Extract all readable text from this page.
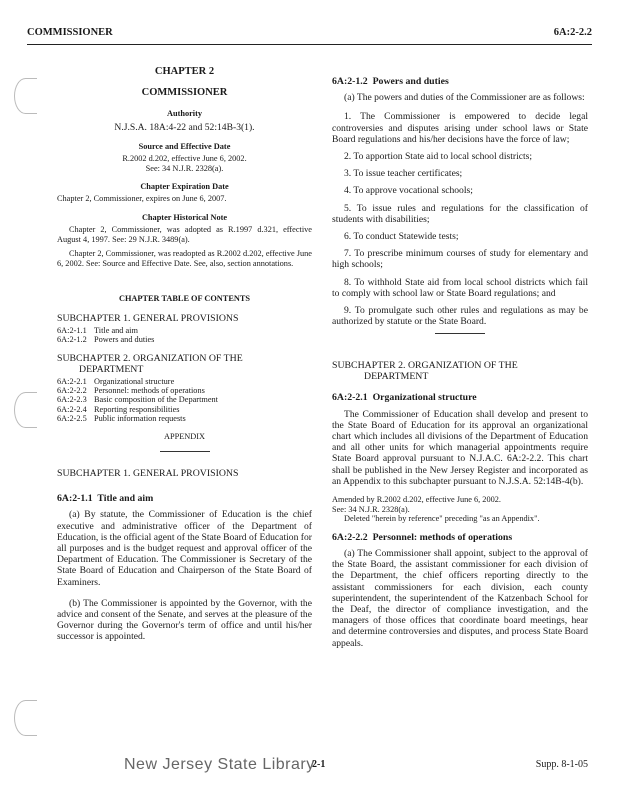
COMMISSIONER	6A:2-2.2

CHAPTER 2

COMMISSIONER

Authority

N.J.S.A. 18A:4-22 and 52:14B-3(1).

Source and Effective Date

R.2002 d.202, effective June 6, 2002.

See: 34 N.J.R. 2328(a).

Chapter Expiration Date

Chapter 2, Commissioner, expires on June 6, 2007.

Chapter Historical Note

Chapter 2, Commissioner, was adopted as R.1997 d.321, effective August 4, 1997. See: 29 N.J.R. 3489(a).

Chapter 2, Commissioner, was readopted as R.2002 d.202, effective June 6, 2002. See: Source and Effective Date. See, also, section annotations.

CHAPTER TABLE OF CONTENTS

SUBCHAPTER 1. GENERAL PROVISIONS

6A:2-1.1 Title and aim
6A:2-1.2 Powers and duties

SUBCHAPTER 2. ORGANIZATION OF THE

DEPARTMENT

6A:2-2.1 Organizational structure
6A:2-2.2 Personnel: methods of operations
6A:2-2.3 Basic composition of the Department
6A:2-2.4 Reporting responsibilities
6A:2-2.5 Public information requests

APPENDIX

SUBCHAPTER 1. GENERAL PROVISIONS

6A:2-1.1 Title and aim

(a) By statute, the Commissioner of Education is the chief executive and administrative officer of the Department of Education, is the official agent of the State Board of Education for all purposes and is the budget request and approval officer of the Department of Education. The Commissioner is Secretary of the State Board of Education and Chairperson of the State Board of Examiners.

(b) The Commissioner is appointed by the Governor, with the advice and consent of the Senate, and serves at the pleasure of the Governor during the Governor's term of office and until his/her successor is appointed.

6A:2-1.2 Powers and duties

(a) The powers and duties of the Commissioner are as follows:

1. The Commissioner is empowered to decide legal controversies and disputes arising under school laws or State Board regulations and his/her decisions have the force of law;

2. To apportion State aid to local school districts;

3. To issue teacher certificates;

4. To approve vocational schools;

5. To issue rules and regulations for the classification of students with disabilities;

6. To conduct Statewide tests;

7. To prescribe minimum courses of study for elementary and high schools;

8. To withhold State aid from local school districts which fail to comply with school law or State Board regulations; and

9. To promulgate such other rules and regulations as may be authorized by statute or the State Board.

SUBCHAPTER 2. ORGANIZATION OF THE

DEPARTMENT

6A:2-2.1 Organizational structure

The Commissioner of Education shall develop and present to the State Board of Education for its approval an organizational chart which includes all divisions of the Department of Education and all other units for which managerial appointments require State Board approval pursuant to N.J.A.C. 6A:2-2.2. This chart shall be published in the New Jersey Register and incorporated as an Appendix to this subchapter pursuant to N.J.S.A. 52:14B-4(b).

Amended by R.2002 d.202, effective June 6, 2002.

See: 34 N.J.R. 2328(a).

Deleted "herein by reference" preceding "as an Appendix".

6A:2-2.2 Personnel: methods of operations

(a) The Commissioner shall appoint, subject to the approval of the State Board, the assistant commissioner for each division of the Department, the chief officers reporting directly to the assistant commissioners for each division, each county superintendent, the superintendent of the Katzenbach School for the Deaf, the director of compliance investigation, and the managers of those offices that coordinate board meetings, hear and determine controversies and disputes, and process State Board appeals.

New Jersey State Library
2-1	Supp. 8-1-05
